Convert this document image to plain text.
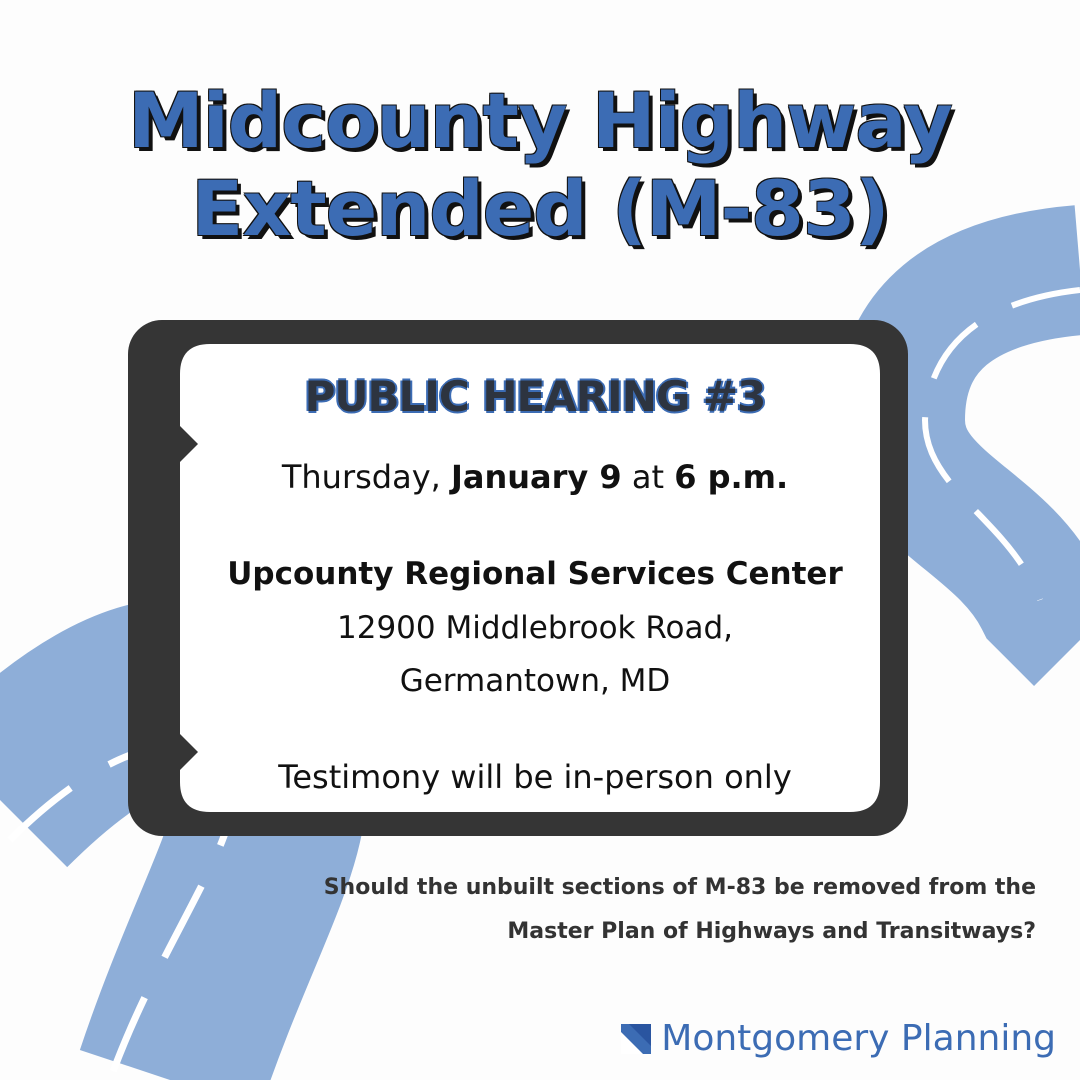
Midcounty Highway
Extended (M-83)
PUBLIC HEARING #3
Thursday, January 9 at 6 p.m.
Upcounty Regional Services Center
12900 Middlebrook Road,
Germantown, MD
Testimony will be in-person only
Should the unbuilt sections of M-83 be removed from the
Master Plan of Highways and Transitways?
Montgomery Planning
